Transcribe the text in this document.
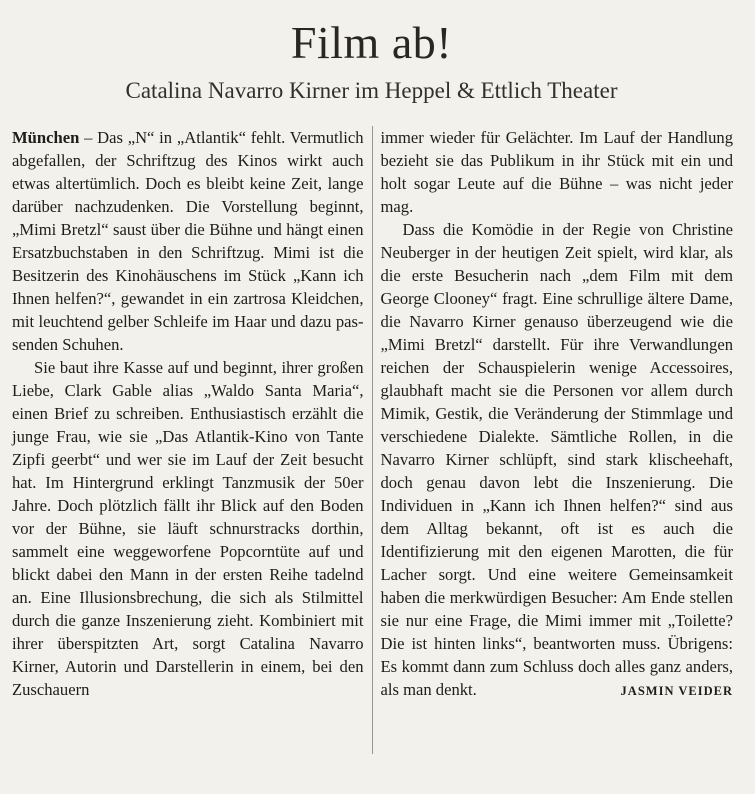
Film ab!
Catalina Navarro Kirner im Heppel & Ettlich Theater

München – Das „N“ in „Atlantik“ fehlt. Vermutlich abgefallen, der Schriftzug des Kinos wirkt auch etwas altertümlich. Doch es bleibt keine Zeit, lange darüber nachzudenken. Die Vorstellung beginnt, „Mimi Bretzl“ saust über die Bühne und hängt einen Ersatzbuchstaben in den Schriftzug. Mimi ist die Besitzerin des Kinohäuschens im Stück „Kann ich Ihnen helfen?“, gewandet in ein zartrosa Kleidchen, mit leuchtend gelber Schleife im Haar und dazu passenden Schuhen.

Sie baut ihre Kasse auf und beginnt, ihrer großen Liebe, Clark Gable alias „Waldo Santa Maria“, einen Brief zu schreiben. Enthusiastisch erzählt die junge Frau, wie sie „Das Atlantik-Kino von Tante Zipfi geerbt“ und wer sie im Lauf der Zeit besucht hat. Im Hintergrund erklingt Tanzmusik der 50er Jahre. Doch plötzlich fällt ihr Blick auf den Boden vor der Bühne, sie läuft schnurstracks dorthin, sammelt eine weggeworfene Popcorntüte auf und blickt dabei den Mann in der ersten Reihe tadelnd an. Eine Illusionsbrechung, die sich als Stilmittel durch die ganze Inszenierung zieht. Kombiniert mit ihrer überspitzten Art, sorgt Catalina Navarro Kirner, Autorin und Darstellerin in einem, bei den Zuschauern

immer wieder für Gelächter. Im Lauf der Handlung bezieht sie das Publikum in ihr Stück mit ein und holt sogar Leute auf die Bühne – was nicht jeder mag.

Dass die Komödie in der Regie von Christine Neuberger in der heutigen Zeit spielt, wird klar, als die erste Besucherin nach „dem Film mit dem George Clooney“ fragt. Eine schrullige ältere Dame, die Navarro Kirner genauso überzeugend wie die „Mimi Bretzl“ darstellt. Für ihre Verwandlungen reichen der Schauspielerin wenige Accessoires, glaubhaft macht sie die Personen vor allem durch Mimik, Gestik, die Veränderung der Stimmlage und verschiedene Dialekte. Sämtliche Rollen, in die Navarro Kirner schlüpft, sind stark klischeehaft, doch genau davon lebt die Inszenierung. Die Individuen in „Kann ich Ihnen helfen?“ sind aus dem Alltag bekannt, oft ist es auch die Identifizierung mit den eigenen Marotten, die für Lacher sorgt. Und eine weitere Gemeinsamkeit haben die merkwürdigen Besucher: Am Ende stellen sie nur eine Frage, die Mimi immer mit „Toilette? Die ist hinten links“, beantworten muss. Übrigens: Es kommt dann zum Schluss doch alles ganz anders, als man denkt.	JASMIN VEIDER
